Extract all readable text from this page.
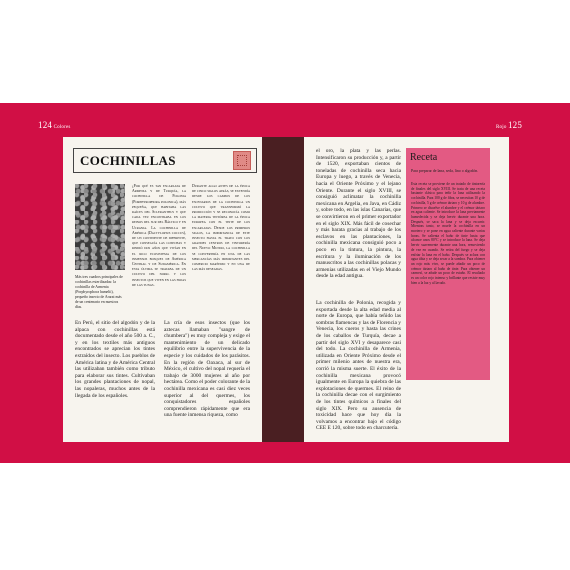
124 Colores	Rojo 125
COCHINILLAS
Más tres cuadros principales de cochinillas esterilizadas: la cochinilla de Armenia (Porphyrophora hamelii), pequeño insecto de Ararat más de un centenario en nuestros días.
¿Por qué es tan escarlata de Armenia y de Turquía, la cochinilla de Polonia (Porphyrophora polonica), más pequeña, que habitaba las raíces del Scleranthus y que cada vez encontraba en los reinos del sur del Báltico y en Ucrania. La cochinilla de América (Dactylopius coccus), de un continente de diferente, que conseguía las cosechas y rindió dos años que vivían en el rico ecosistema de los inmensos bosques de América Central y de Sudamérica. En esta última se trataba de un cultivo del nopal y los insectos que viven en las hojas de las tunas.
Durante algo antes de la época de cinco siglos atrás, se extendía desde los campos de los escenarios de la cochinilla un cultivo que transformó la producción y se reconocía como la materia tintórea de la época europea con el tinte de los escarlatas. Desde los primeros siglos, la importancia de este insecto hasta el trato con los grandes centros de tintorería del Nuevo Mundo, la cochinilla se convertiría en una de las mercancías más importantes del comercio marítimo y en una de las más deseadas.
En Perú, el sitio del algodón y de la alpaca con cochinillas está documentado desde el año 500 a. C., y en los textiles más antiguos encontrados se aprecian los tintes extraídos del insecto. Los pueblos de América latina y de América Central las utilizaban también como tributo para elaborar sus tintes. Cultivaban los grandes plantaciones de nopal, las nopaleras, muchos antes de la llegada de los españoles.
La cría de esos insectos (que los aztecas llamaban "sangre de chumbera") es muy compleja y exige el mantenimiento de un delicado equilibrio entre la supervivencia de la especie y los cuidados de los parásitos. En la región de Oaxaca, al sur de México, el cultivo del nopal requería el trabajo de 3000 mujeres al año por hectárea. Como el poder colorante de la cochinilla mexicana es casi diez veces superior al del quermes, los conquistadores españoles comprendieron rápidamente que era una fuente inmensa riqueza, como
el oro, la plata y las perlas. Intensificaron su producción y, a partir de 1520, exportaban cientos de toneladas de cochinilla seca hacia Europa y luego, a través de Venecia, hacia el Oriente Próximo y el lejano Oriente. Durante el siglo XVIII, se consiguió aclimatar la cochinilla mexicana en Argelia, en Java, en Cádiz y, sobre todo, en las islas Canarias, que se convirtieron en el primer exportador en el siglo XIX. Más fácil de cosechar y más barata gracias al trabajo de los esclavos en las plantaciones, la cochinilla mexicana consiguió poco a poco en la tintura, la pintura, la escritura y la iluminación de los manuscritos a las cochinillas polacas y armenias utilizadas en el Viejo Mundo desde la edad antigua.
La cochinilla de Polonia, recogida y exportada desde la alta edad media al norte de Europa, que había teñido las sombras flamencas y las de Florencia y Venecia, los cueros y hasta las crines de los caballos de Turquía, decae a partir del siglo XVI y desaparece casi del todo. La cochinilla de Armenia, utilizada en Oriente Próximo desde el primer milenio antes de nuestra era, corrió la misma suerte. El éxito de la cochinilla mexicana provocó igualmente en Europa la quiebra de las explotaciones de quermes. El reino de la cochinilla decae con el surgimiento de los tintes químicos a finales del siglo XIX. Pero su ausencia de toxicidad hace que hoy día la volvamos a encontrar bajo el código CEE E 120, sobre todo en charcutería.
Receta
Para preparar de lana, seda, lino o algodón.
Esta receta se proviene de un tratado de tintorería de finales del siglo XVIII. Se trata de una receta bastante clásica para teñir la lana utilizando la cochinilla. Para 100 g de fibra, se necesitan 10 g de cochinilla, 5 g de crémor tártaro y 10 g de alumbre. Primero se disuelve el alumbre y el crémor tártaro en agua caliente. Se introduce la lana previamente humedecida y se deja hervir durante una hora. Después, se saca la lana y se deja escurrir. Mientras tanto, se muele la cochinilla en un mortero y se pone en agua caliente durante varias horas. Se calienta el baño de tinte hasta que alcance unos 80°C y se introduce la lana. Se deja hervir suavemente durante una hora, removiendo de vez en cuando. Se retira del fuego y se deja enfriar la lana en el baño. Después se aclara con agua tibia y se deja secar a la sombra. Para obtener un rojo más vivo, se puede añadir un poco de crémor tártaro al baño de tinte. Para obtener un carmesí, se añade un poco de estaño. El resultado es un color rojo intenso y brillante que resiste muy bien a la luz y al lavado.
